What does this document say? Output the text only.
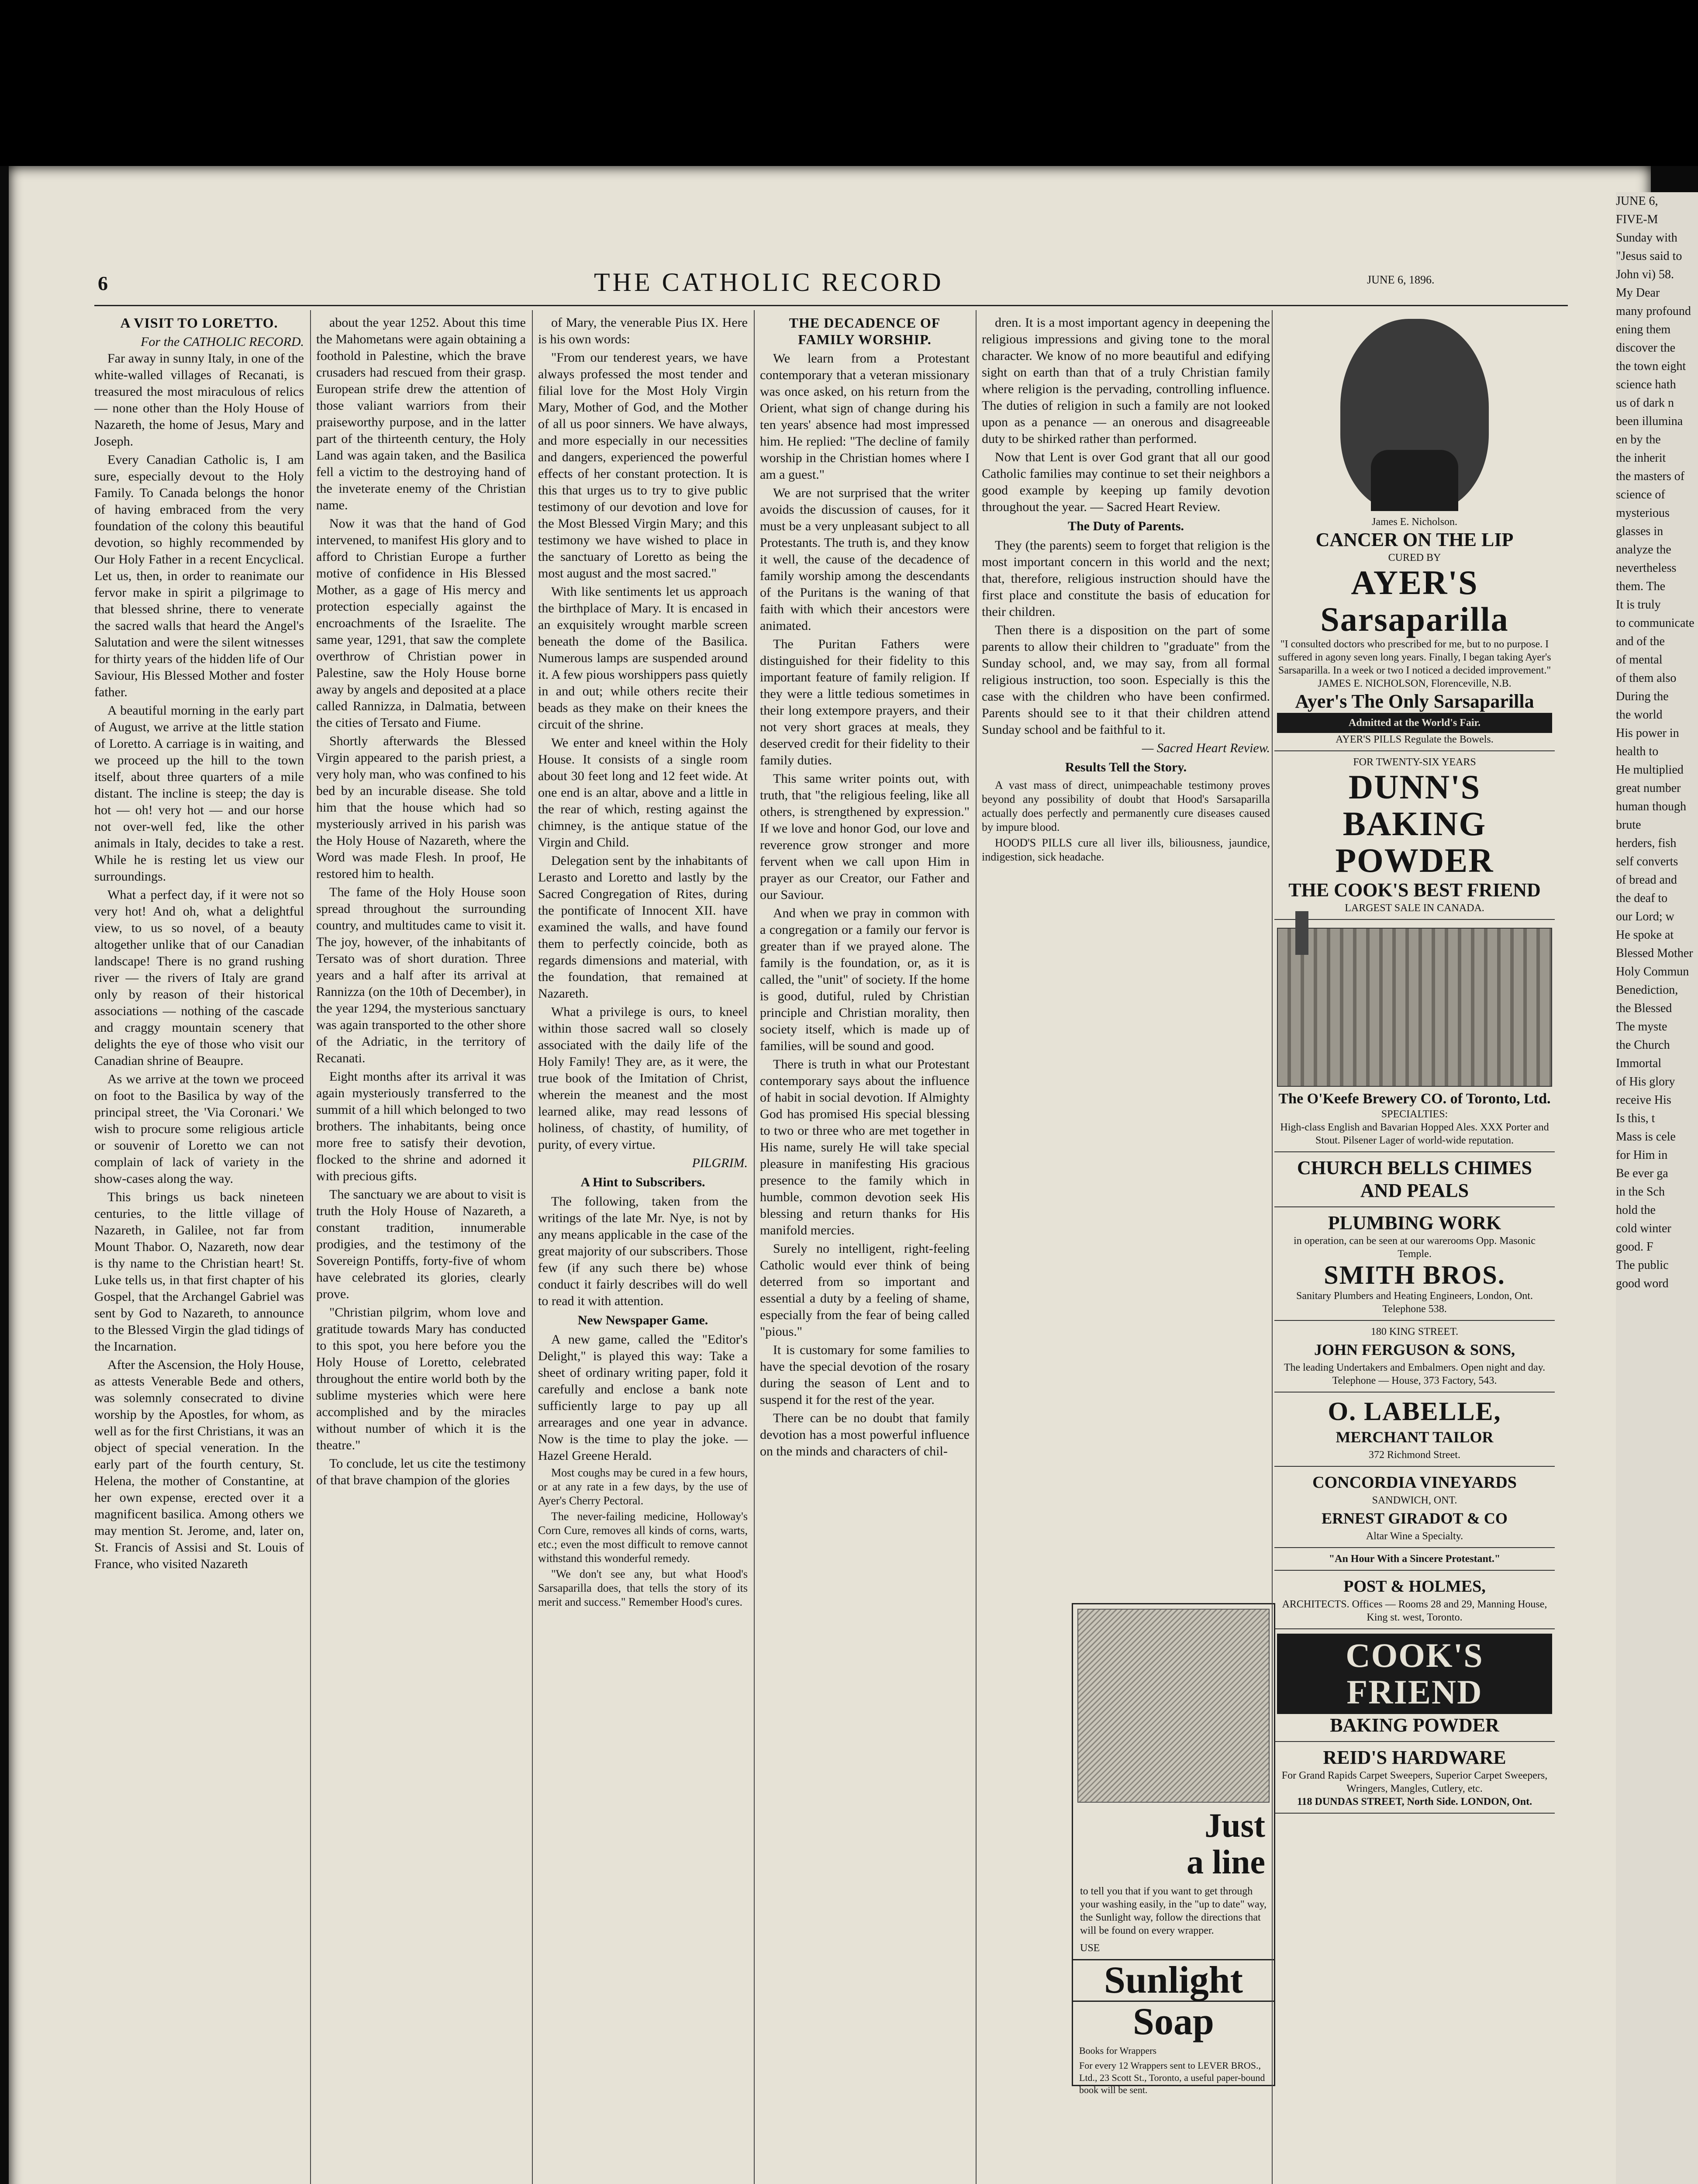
6	THE CATHOLIC RECORD	JUNE 6, 1896.
A VISIT TO LORETTO.
For the CATHOLIC RECORD.

Far away in sunny Italy, in one of the white-walled villages of Recanati, is treasured the most miraculous of relics — none other than the Holy House of Nazareth, the home of Jesus, Mary and Joseph.

Every Canadian Catholic is, I am sure, especially devout to the Holy Family. To Canada belongs the honor of having embraced from the very foundation of the colony this beautiful devotion, so highly recommended by Our Holy Father in a recent Encyclical. Let us, then, in order to reanimate our fervor make in spirit a pilgrimage to that blessed shrine, there to venerate the sacred walls that heard the Angel's Salutation and were the silent witnesses for thirty years of the hidden life of Our Saviour, His Blessed Mother and foster father.

A beautiful morning in the early part of August, we arrive at the little station of Loretto. A carriage is in waiting, and we proceed up the hill to the town itself, about three quarters of a mile distant. The incline is steep; the day is hot — oh! very hot — and our horse not over-well fed, like the other animals in Italy, decides to take a rest. While he is resting let us view our surroundings.

What a perfect day, if it were not so very hot! And oh, what a delightful view, to us so novel, of a beauty altogether unlike that of our Canadian landscape! There is no grand rushing river — the rivers of Italy are grand only by reason of their historical associations — nothing of the cascade and craggy mountain scenery that delights the eye of those who visit our Canadian shrine of Beaupre.

As we arrive at the town we proceed on foot to the Basilica by way of the principal street, the 'Via Coronari.' We wish to procure some religious article or souvenir of Loretto we can not complain of lack of variety in the show-cases along the way.

This brings us back nineteen centuries, to the little village of Nazareth, in Galilee, not far from Mount Thabor. O, Nazareth, now dear is thy name to the Christian heart! St. Luke tells us, in that first chapter of his Gospel, that the Archangel Gabriel was sent by God to Nazareth, to announce to the Blessed Virgin the glad tidings of the Incarnation.

After the Ascension, the Holy House, as attests Venerable Bede and others, was solemnly consecrated to divine worship by the Apostles, for whom, as well as for the first Christians, it was an object of special veneration. In the early part of the fourth century, St. Helena, the mother of Constantine, at her own expense, erected over it a magnificent basilica. Among others we may mention St. Jerome, and, later on, St. Francis of Assisi and St. Louis of France, who visited Nazareth

about the year 1252. About this time the Mahometans were again obtaining a foothold in Palestine, which the brave crusaders had rescued from their grasp. European strife drew the attention of those valiant warriors from their praiseworthy purpose, and in the latter part of the thirteenth century, the Holy Land was again taken, and the Basilica fell a victim to the destroying hand of the inveterate enemy of the Christian name.

Now it was that the hand of God intervened, to manifest His glory and to afford to Christian Europe a further motive of confidence in His Blessed Mother, as a gage of His mercy and protection especially against the encroachments of the Israelite. The same year, 1291, that saw the complete overthrow of Christian power in Palestine, saw the Holy House borne away by angels and deposited at a place called Rannizza, in Dalmatia, between the cities of Tersato and Fiume.

Shortly afterwards the Blessed Virgin appeared to the parish priest, a very holy man, who was confined to his bed by an incurable disease. She told him that the house which had so mysteriously arrived in his parish was the Holy House of Nazareth, where the Word was made Flesh. In proof, He restored him to health.

The fame of the Holy House soon spread throughout the surrounding country, and multitudes came to visit it. The joy, however, of the inhabitants of Tersato was of short duration. Three years and a half after its arrival at Rannizza (on the 10th of December), in the year 1294, the mysterious sanctuary was again transported to the other shore of the Adriatic, in the territory of Recanati.

Eight months after its arrival it was again mysteriously transferred to the summit of a hill which belonged to two brothers. The inhabitants, being once more free to satisfy their devotion, flocked to the shrine and adorned it with precious gifts.

The sanctuary we are about to visit is truth the Holy House of Nazareth, a constant tradition, innumerable prodigies, and the testimony of the Sovereign Pontiffs, forty-five of whom have celebrated its glories, clearly prove.

"Christian pilgrim, whom love and gratitude towards Mary has conducted to this spot, you here before you the Holy House of Loretto, celebrated throughout the entire world both by the sublime mysteries which were here accomplished and by the miracles without number of which it is the theatre."

To conclude, let us cite the testimony of that brave champion of the glories

of Mary, the venerable Pius IX. Here is his own words:

"From our tenderest years, we have always professed the most tender and filial love for the Most Holy Virgin Mary, Mother of God, and the Mother of all us poor sinners. We have always, and more especially in our necessities and dangers, experienced the powerful effects of her constant protection. It is this that urges us to try to give public testimony of our devotion and love for the Most Blessed Virgin Mary; and this testimony we have wished to place in the sanctuary of Loretto as being the most august and the most sacred."

With like sentiments let us approach the birthplace of Mary. It is encased in an exquisitely wrought marble screen beneath the dome of the Basilica. Numerous lamps are suspended around it. A few pious worshippers pass quietly in and out; while others recite their beads as they make on their knees the circuit of the shrine.

We enter and kneel within the Holy House. It consists of a single room about 30 feet long and 12 feet wide. At one end is an altar, above and a little in the rear of which, resting against the chimney, is the antique statue of the Virgin and Child.

Delegation sent by the inhabitants of Lerasto and Loretto and lastly by the Sacred Congregation of Rites, during the pontificate of Innocent XII. have examined the walls, and have found them to perfectly coincide, both as regards dimensions and material, with the foundation, that remained at Nazareth.

What a privilege is ours, to kneel within those sacred wall so closely associated with the daily life of the Holy Family! They are, as it were, the true book of the Imitation of Christ, wherein the meanest and the most learned alike, may read lessons of holiness, of chastity, of humility, of purity, of every virtue.

PILGRIM.
A Hint to Subscribers.

The following, taken from the writings of the late Mr. Nye, is not by any means applicable in the case of the great majority of our subscribers. Those few (if any such there be) whose conduct it fairly describes will do well to read it with attention.

New Newspaper Game.

A new game, called the "Editor's Delight," is played this way: Take a sheet of ordinary writing paper, fold it carefully and enclose a bank note sufficiently large to pay up all arrearages and one year in advance. Now is the time to play the joke. — Hazel Greene Herald.

Most coughs may be cured in a few hours, or at any rate in a few days, by the use of Ayer's Cherry Pectoral.

The never-failing medicine, Holloway's Corn Cure, removes all kinds of corns, warts, etc.; even the most difficult to remove cannot withstand this wonderful remedy.

"We don't see any, but what Hood's Sarsaparilla does, that tells the story of its merit and success." Remember Hood's cures.

THE DECADENCE OF FAMILY WORSHIP.

We learn from a Protestant contemporary that a veteran missionary was once asked, on his return from the Orient, what sign of change during his ten years' absence had most impressed him. He replied: "The decline of family worship in the Christian homes where I am a guest."

We are not surprised that the writer avoids the discussion of causes, for it must be a very unpleasant subject to all Protestants. The truth is, and they know it well, the cause of the decadence of family worship among the descendants of the Puritans is the waning of that faith with which their ancestors were animated.

The Puritan Fathers were distinguished for their fidelity to this important feature of family religion. If they were a little tedious sometimes in their long extempore prayers, and their not very short graces at meals, they deserved credit for their fidelity to their family duties.

This same writer points out, with truth, that "the religious feeling, like all others, is strengthened by expression." If we love and honor God, our love and reverence grow stronger and more fervent when we call upon Him in prayer as our Creator, our Father and our Saviour.

And when we pray in common with a congregation or a family our fervor is greater than if we prayed alone. The family is the foundation, or, as it is called, the "unit" of society. If the home is good, dutiful, ruled by Christian principle and Christian morality, then society itself, which is made up of families, will be sound and good.

There is truth in what our Protestant contemporary says about the influence of habit in social devotion. If Almighty God has promised His special blessing to two or three who are met together in His name, surely He will take special pleasure in manifesting His gracious presence to the family which in humble, common devotion seek His blessing and return thanks for His manifold mercies.

Surely no intelligent, right-feeling Catholic would ever think of being deterred from so important and essential a duty by a feeling of shame, especially from the fear of being called "pious."

It is customary for some families to have the special devotion of the rosary during the season of Lent and to suspend it for the rest of the year.

There can be no doubt that family devotion has a most powerful influence on the minds and characters of chil-

dren. It is a most important agency in deepening the religious impressions and giving tone to the moral character. We know of no more beautiful and edifying sight on earth than that of a truly Christian family where religion is the pervading, controlling influence. The duties of religion in such a family are not looked upon as a penance — an onerous and disagreeable duty to be shirked rather than performed.

Now that Lent is over God grant that all our good Catholic families may continue to set their neighbors a good example by keeping up family devotion throughout the year. — Sacred Heart Review.

The Duty of Parents.

They (the parents) seem to forget that religion is the most important concern in this world and the next; that, therefore, religious instruction should have the first place and constitute the basis of education for their children.

Then there is a disposition on the part of some parents to allow their children to "graduate" from the Sunday school, and, we may say, from all formal religious instruction, too soon. Especially is this the case with the children who have been confirmed. Parents should see to it that their children attend Sunday school and be faithful to it.

— Sacred Heart Review.
Results Tell the Story.

A vast mass of direct, unimpeachable testimony proves beyond any possibility of doubt that Hood's Sarsaparilla actually does perfectly and permanently cure diseases caused by impure blood.

HOOD'S PILLS cure all liver ills, biliousness, jaundice, indigestion, sick headache.

Just
a line
to tell you that if you want to get through your washing easily, in the "up to date" way, the Sunlight way, follow the directions that will be found on every wrapper.
USE
Sunlight
Soap
Books for Wrappers
For every 12 Wrappers sent to LEVER BROS., Ltd., 23 Scott St., Toronto, a useful paper-bound book will be sent.
James E. Nicholson.
CANCER ON THE LIP
CURED BY
AYER'S Sarsaparilla
"I consulted doctors who prescribed for me, but to no purpose. I suffered in agony seven long years. Finally, I began taking Ayer's Sarsaparilla. In a week or two I noticed a decided improvement."
JAMES E. NICHOLSON, Florenceville, N.B.
Ayer's The Only Sarsaparilla
Admitted at the World's Fair.
AYER'S PILLS Regulate the Bowels.
FOR TWENTY-SIX YEARS
DUNN'S
BAKING
POWDER
THE COOK'S BEST FRIEND
LARGEST SALE IN CANADA.
The O'Keefe Brewery CO. of Toronto, Ltd.
SPECIALTIES:
High-class English and Bavarian Hopped Ales. XXX Porter and Stout. Pilsener Lager of world-wide reputation.
CHURCH BELLS CHIMES AND PEALS
PLUMBING WORK
in operation, can be seen at our warerooms Opp. Masonic Temple.
SMITH BROS.
Sanitary Plumbers and Heating Engineers, London, Ont. Telephone 538.
180 KING STREET.
JOHN FERGUSON & SONS,
The leading Undertakers and Embalmers. Open night and day. Telephone — House, 373 Factory, 543.
O. LABELLE,
MERCHANT TAILOR
372 Richmond Street.
CONCORDIA VINEYARDS
SANDWICH, ONT.
ERNEST GIRADOT & CO
Altar Wine a Specialty.
"An Hour With a Sincere Protestant."
POST & HOLMES,
ARCHITECTS. Offices — Rooms 28 and 29, Manning House, King st. west, Toronto.
COOK'S FRIEND
BAKING POWDER
REID'S HARDWARE
For Grand Rapids Carpet Sweepers, Superior Carpet Sweepers, Wringers, Mangles, Cutlery, etc.
118 DUNDAS STREET, North Side. LONDON, Ont.

JUNE 6,

FIVE-M

Sunday with

"Jesus said to

John vi) 58.

My Dear

many profound

ening them

discover the

the town eight

science hath

us of dark n

been illumina

en by the

the inherit

the masters of

science of

mysterious

glasses in

analyze the

nevertheless

them. The

It is truly

to communicate

and of the

of mental

of them also

During the

the world

His power in

health to

He multiplied

great number

human though

brute

herders, fish

self converts

of bread and

the deaf to

our Lord; w

He spoke at

Blessed Mother

Holy Commun

Benediction,

the Blessed

The myste

the Church

Immortal

of His glory

receive His

Is this, t

Mass is cele

for Him in

Be ever ga

in the Sch

hold the

cold winter

good. F

The public

good word
